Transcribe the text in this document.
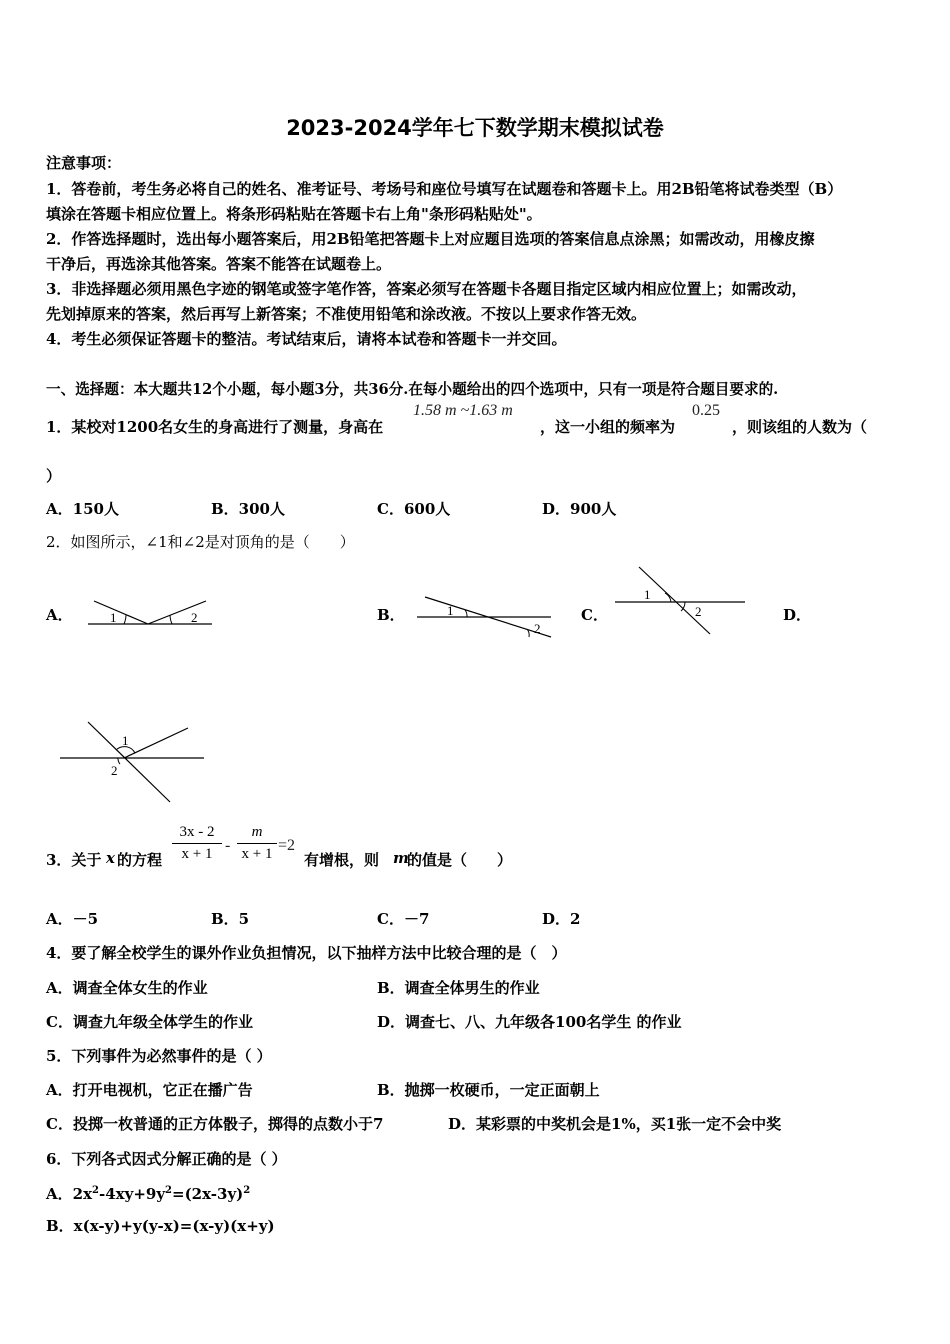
2023-2024学年七下数学期末模拟试卷
注意事项：
1．答卷前，考生务必将自己的姓名、准考证号、考场号和座位号填写在试题卷和答题卡上。用2B铅笔将试卷类型（B）
填涂在答题卡相应位置上。将条形码粘贴在答题卡右上角"条形码粘贴处"。
2．作答选择题时，选出每小题答案后，用2B铅笔把答题卡上对应题目选项的答案信息点涂黑；如需改动，用橡皮擦
干净后，再选涂其他答案。答案不能答在试题卷上。
3．非选择题必须用黑色字迹的钢笔或签字笔作答，答案必须写在答题卡各题目指定区域内相应位置上；如需改动，
先划掉原来的答案，然后再写上新答案；不准使用铅笔和涂改液。不按以上要求作答无效。
4．考生必须保证答题卡的整洁。考试结束后，请将本试卷和答题卡一并交回。
一、选择题：本大题共12个小题，每小题3分，共36分.在每小题给出的四个选项中，只有一项是符合题目要求的.
1．某校对1200名女生的身高进行了测量，身高在
1.58 m ~1.63 m
，这一小组的频率为
0.25
，则该组的人数为（
）
A．150人	B．300人	C．600人	D．900人
2．如图所示，∠1和∠2是对顶角的是（　　）
A．	1	2	B．	1
2
C．
1
2	D．
1
2
3．关于 x 的方程 $\frac{3x - 2}{x + 1} - \frac{m}{x + 1} =2$
有增根，则 m
的值是（　　）
A．－5	B．5	C．－7	D．2
4．要了解全校学生的课外作业负担情况，以下抽样方法中比较合理的是（　）
A．调查全体女生的作业	B．调查全体男生的作业
C．调查九年级全体学生的作业	D．调查七、八、九年级各100名学生 的作业
5．下列事件为必然事件的是（ ）
A．打开电视机，它正在播广告	B．抛掷一枚硬币，一定正面朝上
C．投掷一枚普通的正方体骰子，掷得的点数小于7	D．某彩票的中奖机会是1%，买1张一定不会中奖
6．下列各式因式分解正确的是（ ）
A．$2x^2-4xy+9y^2=(2x-3y)^2$
B．x(x-y)+y(y-x)=(x-y)(x+y)
